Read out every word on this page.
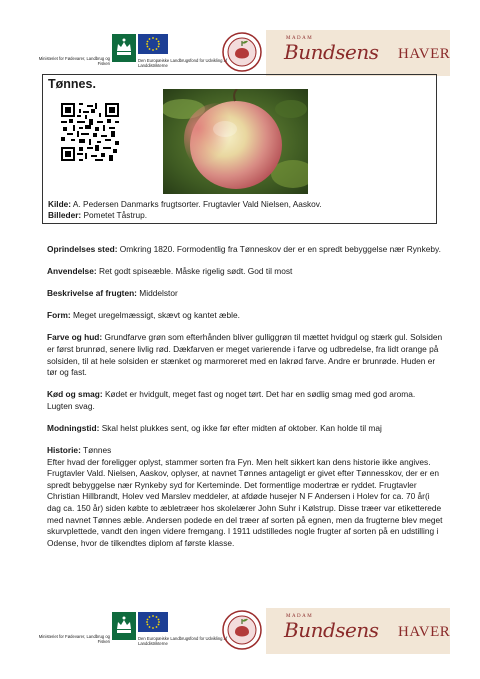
Ministeriet for Fødevarer, Landbrug og Fiskeri
Den Europæiske Landbrugsfond for Udvikling af Landdistrikterne
MADAM
Bundsens HAVER
Tønnes.
Kilde: A. Pedersen Danmarks frugtsorter. Frugtavler Vald Nielsen, Aaskov.
Billeder: Pometet Tåstrup.

Oprindelses sted: Omkring 1820. Formodentlig fra Tønneskov der er en spredt bebyggelse nær Rynkeby.

Anvendelse: Ret godt spiseæble. Måske rigelig sødt. God til most

Beskrivelse af frugten: Middelstor

Form: Meget uregelmæssigt, skævt og kantet æble.

Farve og hud: Grundfarve grøn som efterhånden bliver gulliggrøn til mættet hvidgul og stærk gul. Solsiden er først brunrød, senere livlig rød. Dækfarven er meget varierende i farve og udbredelse, fra lidt orange på solsiden, til at hele solsiden er stænket og marmoreret med en lakrød farve. Andre er brunrøde. Huden er tør og fast.

Kød og smag: Kødet er hvidgult, meget fast og noget tørt. Det har en sødlig smag med god aroma. Lugten svag.

Modningstid: Skal helst plukkes sent, og ikke før efter midten af oktober. Kan holde til maj

Historie: Tønnes

Efter hvad der foreligger oplyst, stammer sorten fra Fyn. Men helt sikkert kan dens historie ikke angives. Frugtavler Vald. Nielsen, Aaskov, oplyser, at navnet Tønnes antageligt er givet efter Tønnesskov, der er en spredt bebyggelse nær Rynkeby syd for Kerteminde. Det formentlige modertræ er ryddet. Frugtavler Christian Hillbrandt, Holev ved Marslev meddeler, at afdøde husejer N F Andersen i Holev for ca. 70 år(i dag ca. 150 år) siden købte to æbletræer hos skolelærer John Suhr i Kølstrup. Disse træer var etiketterede med navnet Tønnes æble. Andersen podede en del træer af sorten på egnen, men da frugterne blev meget skurvplettede, vandt den ingen videre fremgang. I 1911 udstilledes nogle frugter af sorten på en udstilling i Odense, hvor de tilkendtes diplom af første klasse.

Ministeriet for Fødevarer, Landbrug og Fiskeri
Den Europæiske Landbrugsfond for Udvikling af Landdistrikterne
MADAM
Bundsens HAVER
